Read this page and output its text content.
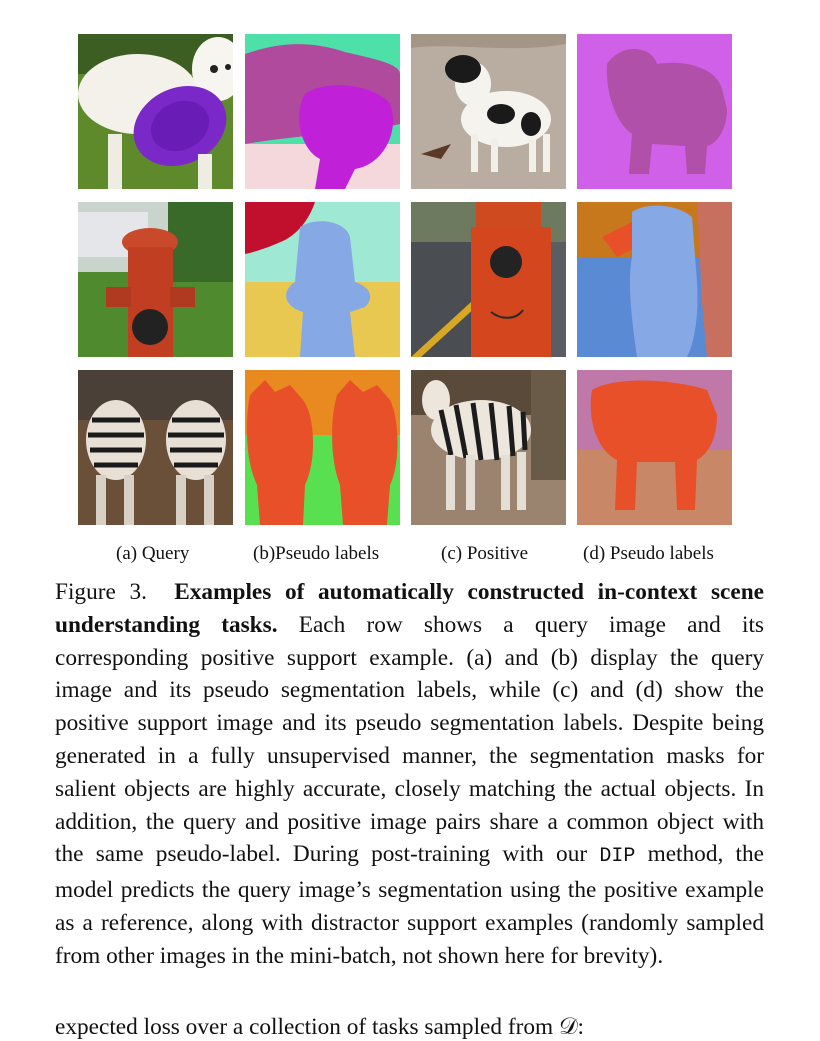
(a) Query	(b)Pseudo labels	(c) Positive	(d) Pseudo labels
Figure 3. Examples of automatically constructed in-context scene understanding tasks. Each row shows a query image and its corresponding positive support example. (a) and (b) display the query image and its pseudo segmentation labels, while (c) and (d) show the positive support image and its pseudo segmentation labels. Despite being generated in a fully unsupervised manner, the segmentation masks for salient objects are highly accurate, closely matching the actual objects. In addition, the query and positive image pairs share a common object with the same pseudo-label. During post-training with our DIP method, the model predicts the query image’s segmentation using the positive example as a reference, along with distractor support examples (randomly sampled from other images in the mini-batch, not shown here for brevity).
expected loss over a collection of tasks sampled from 𝒟:
